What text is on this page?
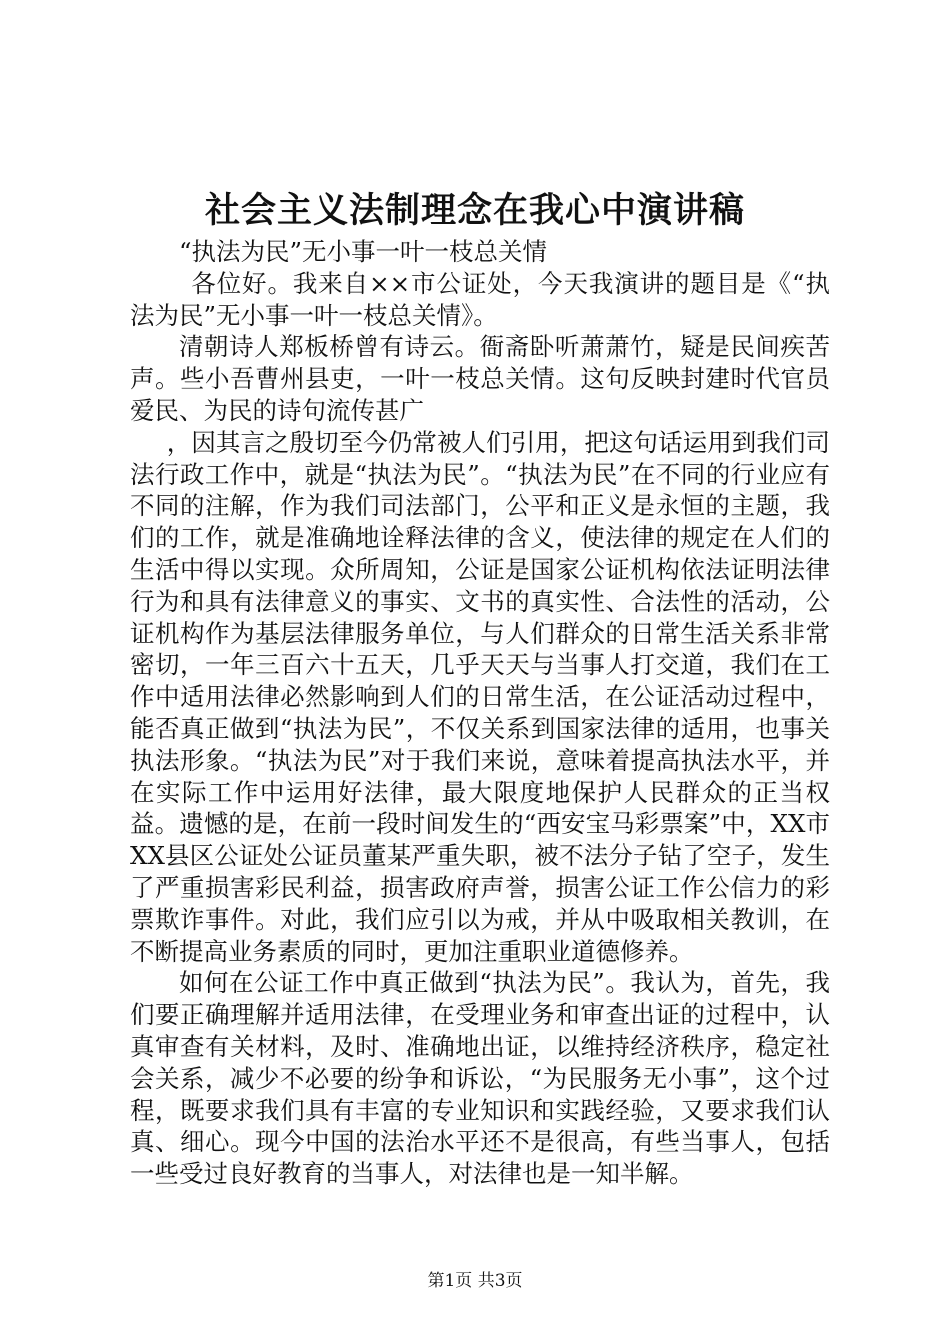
社会主义法制理念在我心中演讲稿

“执法为民”无小事一叶一枝总关情

各位好。我来自××市公证处，今天我演讲的题目是《“执法为民”无小事一叶一枝总关情》。

清朝诗人郑板桥曾有诗云。衙斋卧听萧萧竹，疑是民间疾苦声。些小吾曹州县吏，一叶一枝总关情。这句反映封建时代官员爱民、为民的诗句流传甚广

，因其言之殷切至今仍常被人们引用，把这句话运用到我们司法行政工作中，就是“执法为民”。“执法为民”在不同的行业应有不同的注解，作为我们司法部门，公平和正义是永恒的主题，我们的工作，就是准确地诠释法律的含义，使法律的规定在人们的生活中得以实现。众所周知，公证是国家公证机构依法证明法律行为和具有法律意义的事实、文书的真实性、合法性的活动，公证机构作为基层法律服务单位，与人们群众的日常生活关系非常密切，一年三百六十五天，几乎天天与当事人打交道，我们在工作中适用法律必然影响到人们的日常生活，在公证活动过程中，能否真正做到“执法为民”，不仅关系到国家法律的适用，也事关执法形象。“执法为民”对于我们来说，意味着提高执法水平，并在实际工作中运用好法律，最大限度地保护人民群众的正当权益。遗憾的是，在前一段时间发生的“西安宝马彩票案”中，XX市XX县区公证处公证员董某严重失职，被不法分子钻了空子，发生了严重损害彩民利益，损害政府声誉，损害公证工作公信力的彩票欺诈事件。对此，我们应引以为戒，并从中吸取相关教训，在不断提高业务素质的同时，更加注重职业道德修养。

如何在公证工作中真正做到“执法为民”。我认为，首先，我们要正确理解并适用法律，在受理业务和审查出证的过程中，认真审查有关材料，及时、准确地出证，以维持经济秩序，稳定社会关系，减少不必要的纷争和诉讼，“为民服务无小事”，这个过程，既要求我们具有丰富的专业知识和实践经验，又要求我们认真、细心。现今中国的法治水平还不是很高，有些当事人，包括一些受过良好教育的当事人，对法律也是一知半解。

第1页 共3页
